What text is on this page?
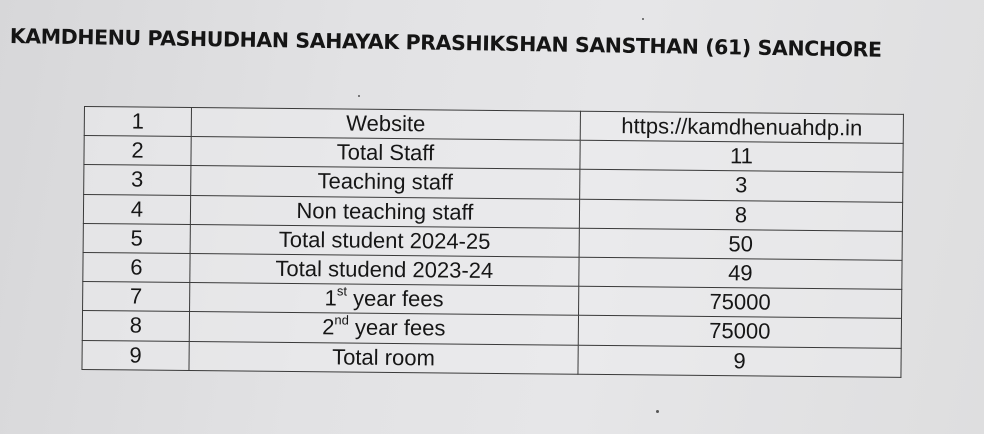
KAMDHENU PASHUDHAN SAHAYAK PRASHIKSHAN SANSTHAN (61) SANCHORE
1	Website	https://kamdhenuahdp.in
2	Total Staff	11
3	Teaching staff	3
4	Non teaching staff	8
5	Total student 2024-25	50
6	Total studend 2023-24	49
7	1st year fees	75000
8	2nd year fees	75000
9	Total room	9
